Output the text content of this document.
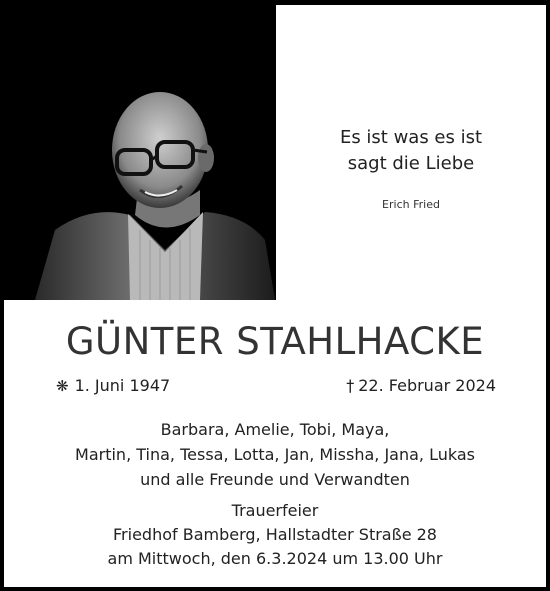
Es ist was es ist
sagt die Liebe
Erich Fried
GÜNTER STAHLHACKE
❋ 1. Juni 1947	† 22. Februar 2024
Barbara, Amelie, Tobi, Maya,
Martin, Tina, Tessa, Lotta, Jan, Missha, Jana, Lukas
und alle Freunde und Verwandten
Trauerfeier
Friedhof Bamberg, Hallstadter Straße 28
am Mittwoch, den 6.3.2024 um 13.00 Uhr
